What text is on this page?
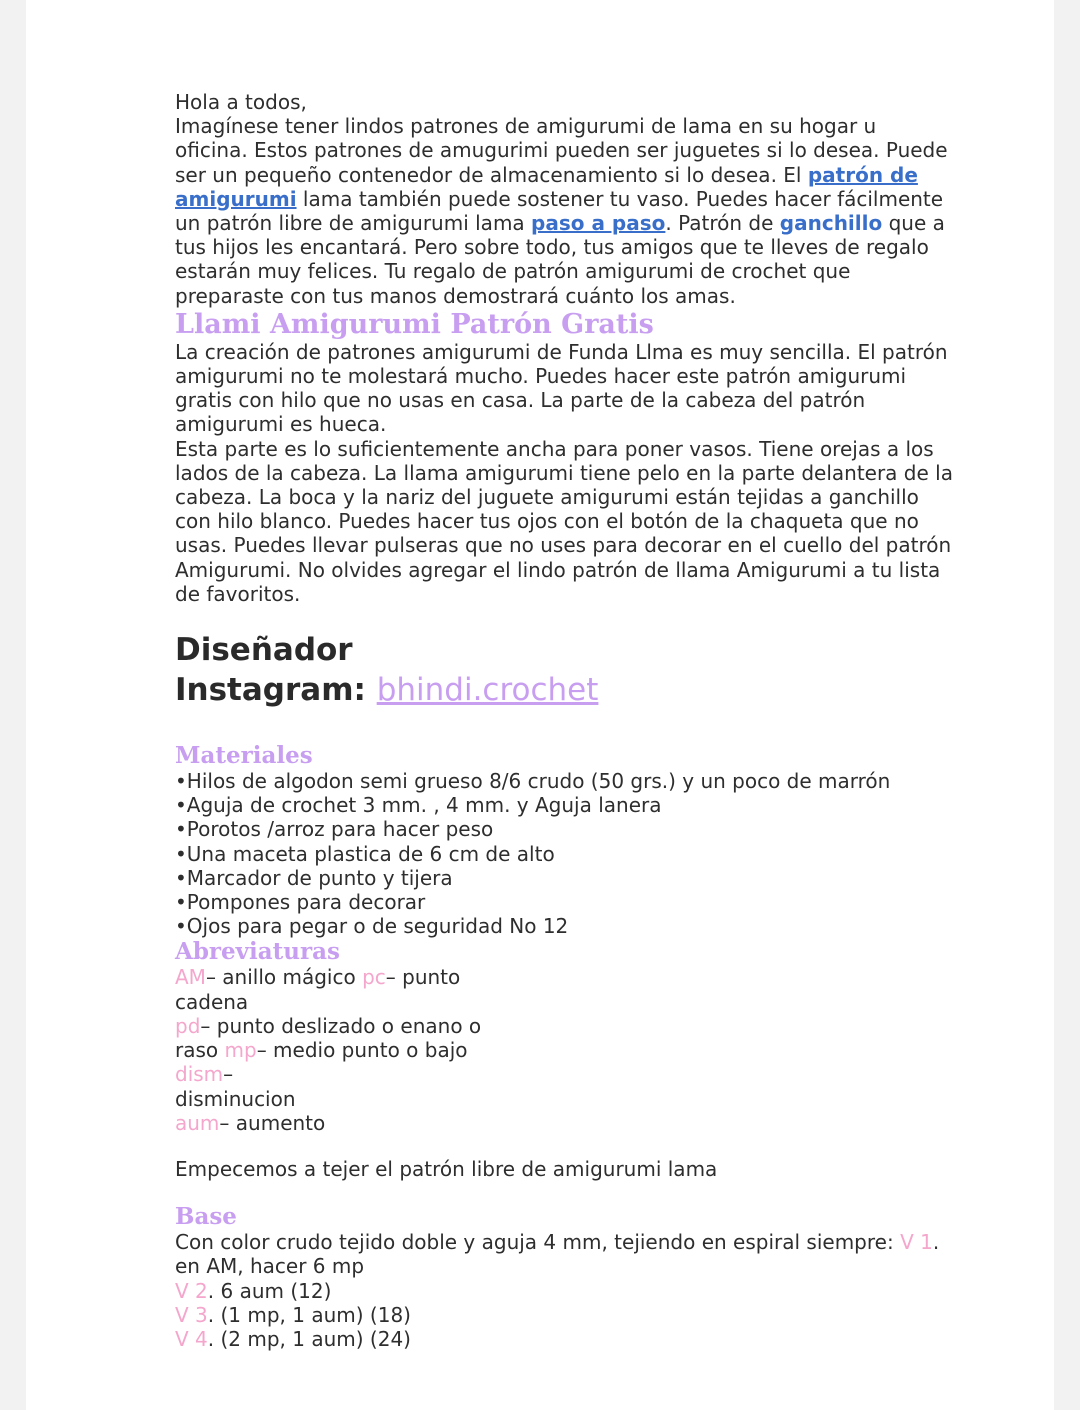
Hola a todos,

Imagínese tener lindos patrones de amigurumi de lama en su hogar u oficina. Estos patrones de amugurimi pueden ser juguetes si lo desea. Puede ser un pequeño contenedor de almacenamiento si lo desea. El patrón de amigurumi lama también puede sostener tu vaso. Puedes hacer fácilmente un patrón libre de amigurumi lama paso a paso. Patrón de ganchillo que a tus hijos les encantará. Pero sobre todo, tus amigos que te lleves de regalo estarán muy felices. Tu regalo de patrón amigurumi de crochet que preparaste con tus manos demostrará cuánto los amas.

Llami Amigurumi Patrón Gratis

La creación de patrones amigurumi de Funda Llma es muy sencilla. El patrón amigurumi no te molestará mucho. Puedes hacer este patrón amigurumi gratis con hilo que no usas en casa. La parte de la cabeza del patrón amigurumi es hueca.

Esta parte es lo suficientemente ancha para poner vasos. Tiene orejas a los lados de la cabeza. La llama amigurumi tiene pelo en la parte delantera de la cabeza. La boca y la nariz del juguete amigurumi están tejidas a ganchillo con hilo blanco. Puedes hacer tus ojos con el botón de la chaqueta que no usas. Puedes llevar pulseras que no uses para decorar en el cuello del patrón Amigurumi. No olvides agregar el lindo patrón de llama Amigurumi a tu lista de favoritos.

Diseñador
Instagram: bhindi.crochet
Materiales

•Hilos de algodon semi grueso 8/6 crudo (50 grs.) y un poco de marrón

•Aguja de crochet 3 mm. , 4 mm. y Aguja lanera

•Porotos /arroz para hacer peso

•Una maceta plastica de 6 cm de alto

•Marcador de punto y tijera

•Pompones para decorar

•Ojos para pegar o de seguridad No 12

Abreviaturas

AM– anillo mágico pc– punto cadena

pd– punto deslizado o enano o raso mp– medio punto o bajo

dism– disminucion

aum– aumento

Empecemos a tejer el patrón libre de amigurumi lama

Base

Con color crudo tejido doble y aguja 4 mm, tejiendo en espiral siempre: V 1. en AM, hacer 6 mp

V 2. 6 aum (12)

V 3. (1 mp, 1 aum) (18)

V 4. (2 mp, 1 aum) (24)
